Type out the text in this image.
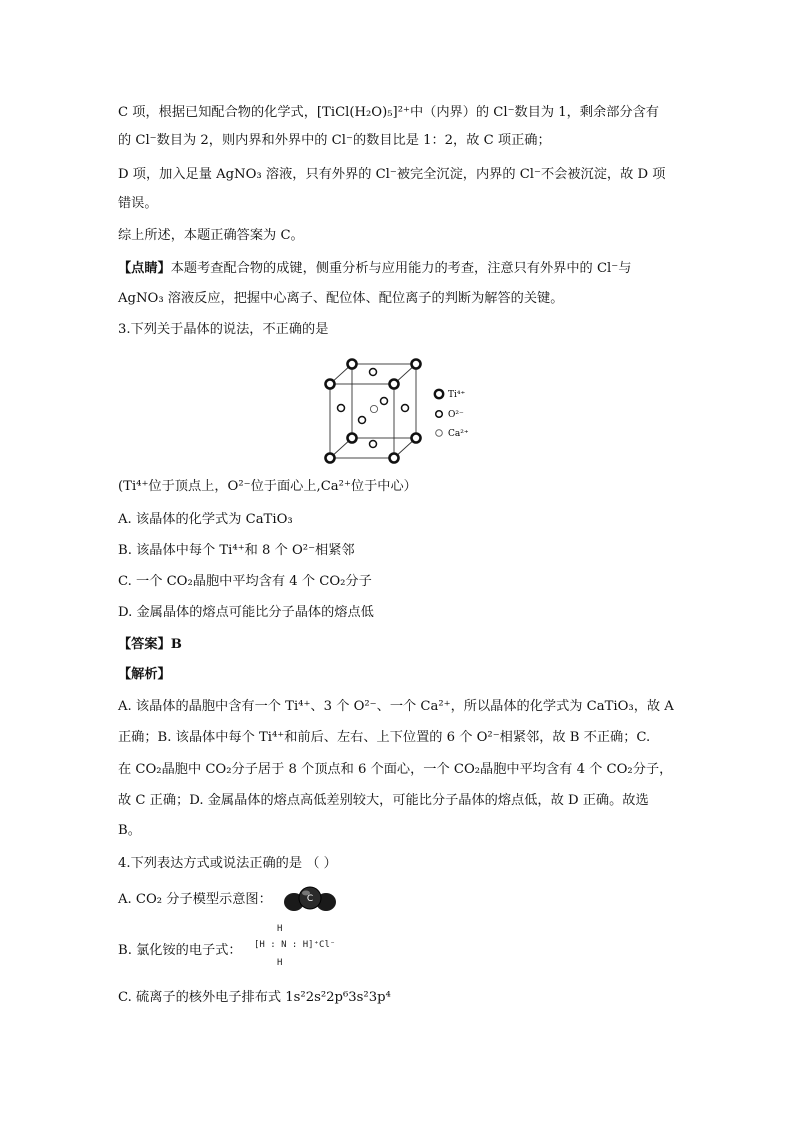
C 项，根据已知配合物的化学式，[TiCl(H₂O)₅]²⁺中（内界）的 Cl⁻数目为 1，剩余部分含有
的 Cl⁻数目为 2，则内界和外界中的 Cl⁻的数目比是 1：2，故 C 项正确；
D 项，加入足量 AgNO₃ 溶液，只有外界的 Cl⁻被完全沉淀，内界的 Cl⁻不会被沉淀，故 D 项
错误。
综上所述，本题正确答案为 C。
【点睛】本题考查配合物的成键，侧重分析与应用能力的考查，注意只有外界中的 Cl⁻与
AgNO₃ 溶液反应，把握中心离子、配位体、配位离子的判断为解答的关键。
3.下列关于晶体的说法，不正确的是
Ti⁴⁺
O²⁻
Ca²⁺
(Ti⁴⁺位于顶点上，O²⁻位于面心上,Ca²⁺位于中心）
A. 该晶体的化学式为 CaTiO₃
B. 该晶体中每个 Ti⁴⁺和 8 个 O²⁻相紧邻
C. 一个 CO₂晶胞中平均含有 4 个 CO₂分子
D. 金属晶体的熔点可能比分子晶体的熔点低
【答案】B
【解析】
A. 该晶体的晶胞中含有一个 Ti⁴⁺、3 个 O²⁻、一个 Ca²⁺，所以晶体的化学式为 CaTiO₃，故 A
正确；B. 该晶体中每个 Ti⁴⁺和前后、左右、上下位置的 6 个 O²⁻相紧邻，故 B 不正确；C.
在 CO₂晶胞中 CO₂分子居于 8 个顶点和 6 个面心，一个 CO₂晶胞中平均含有 4 个 CO₂分子，
故 C 正确；D. 金属晶体的熔点高低差别较大，可能比分子晶体的熔点低，故 D 正确。故选
B。
4.下列表达方式或说法正确的是 （ ）
A. CO₂ 分子模型示意图：	C
B. 氯化铵的电子式：
H
[H : N : H]⁺Cl⁻
H
C. 硫离子的核外电子排布式 1s²2s²2p⁶3s²3p⁴
